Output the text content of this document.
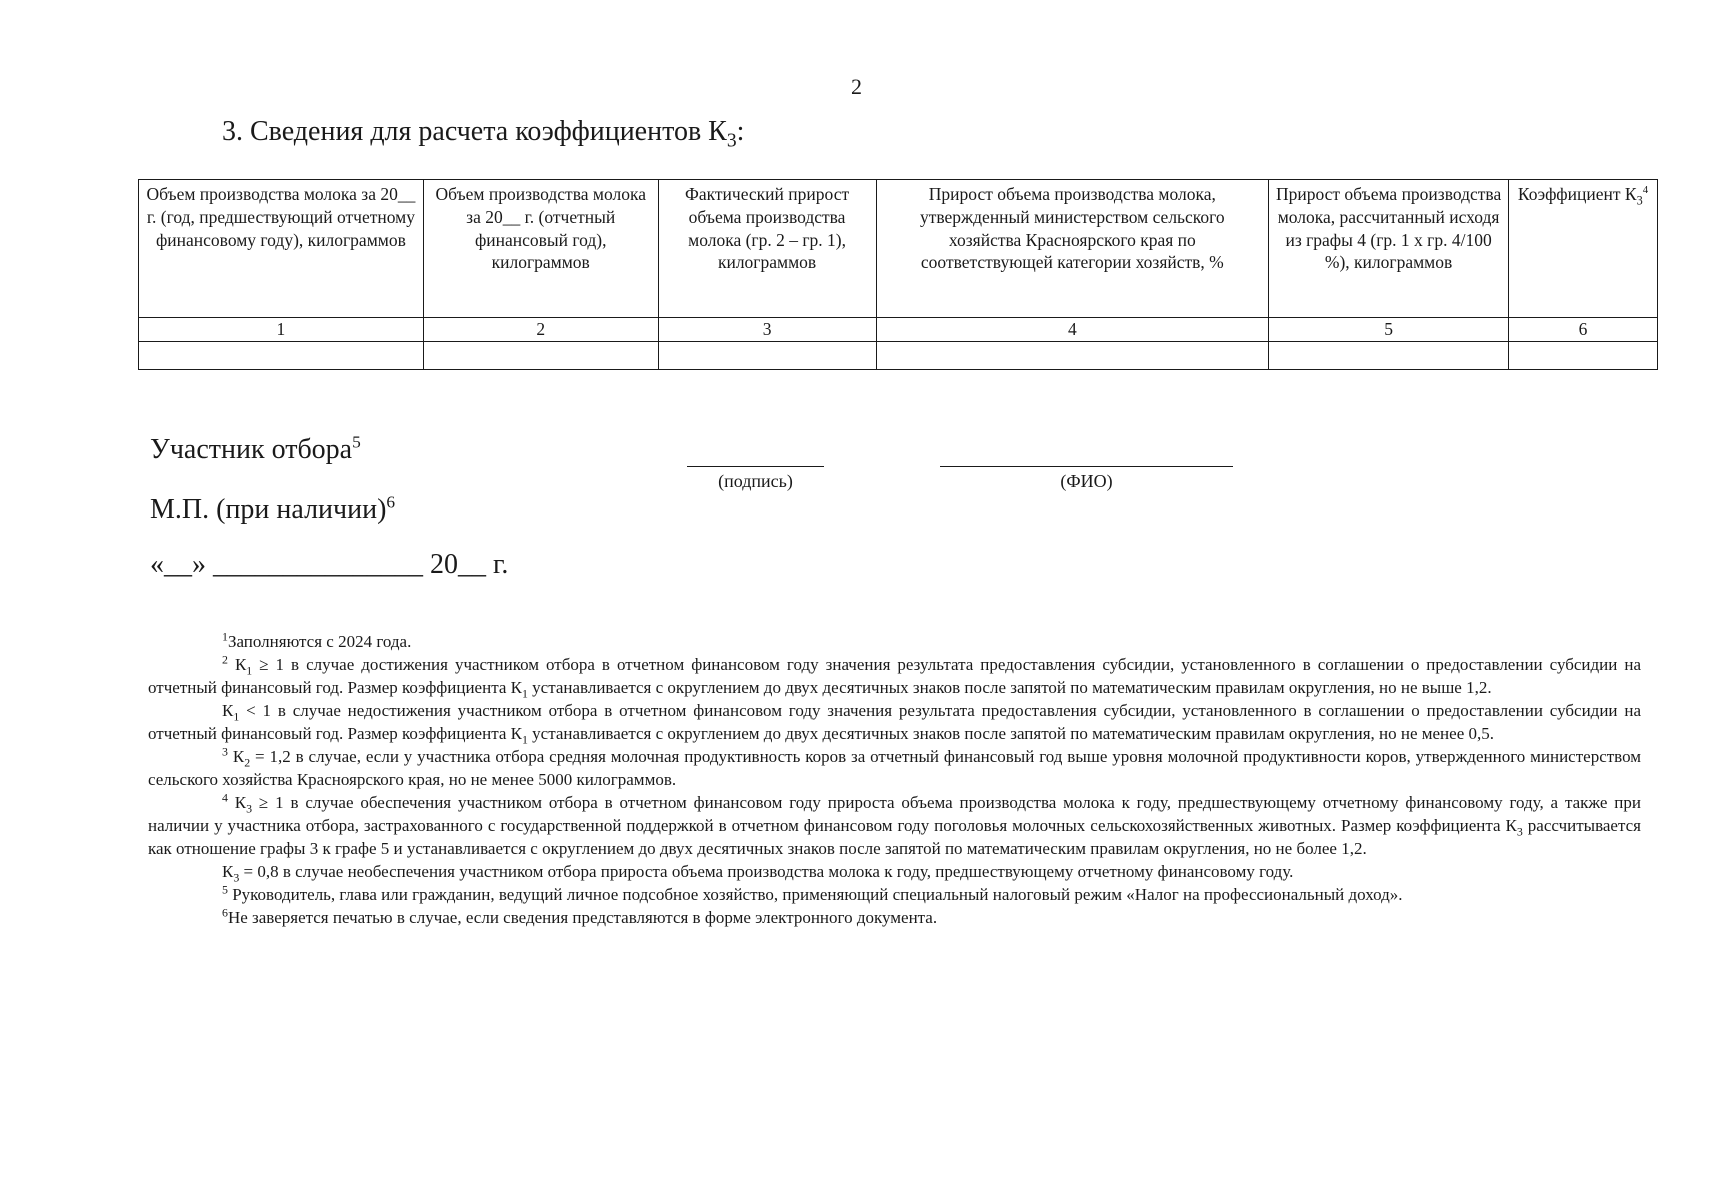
2
3. Сведения для расчета коэффициентов $К_3$:
Объем производства молока за 20__ г. (год, предшествующий отчетному финансовому году), килограммов	Объем производства молока за 20__ г. (отчетный финансовый год), килограммов	Фактический прирост объема производства молока (гр. 2 – гр. 1), килограммов	Прирост объема производства молока, утвержденный министерством сельского хозяйства Красноярского края по соответствующей категории хозяйств, %	Прирост объема производства молока, рассчитанный исходя из графы 4 (гр. 1 х гр. 4/100 %), килограммов	Коэффициент $К_3^4$
1	2	3	4	5	6

Участник отбора$^5$
(подпись)	(ФИО)
М.П. (при наличии)$^6$
«__» _______________ 20__ г.

$^1$Заполняются с 2024 года.

$^2$ $К_1 \ge 1$ в случае достижения участником отбора в отчетном финансовом году значения результата предоставления субсидии, установленного в соглашении о предоставлении субсидии на отчетный финансовый год. Размер коэффициента $К_1$ устанавливается с округлением до двух десятичных знаков после запятой по математическим правилам округления, но не выше 1,2.

$К_1 < 1$ в случае недостижения участником отбора в отчетном финансовом году значения результата предоставления субсидии, установленного в соглашении о предоставлении субсидии на отчетный финансовый год. Размер коэффициента $К_1$ устанавливается с округлением до двух десятичных знаков после запятой по математическим правилам округления, но не менее 0,5.

$^3$ $К_2 = 1,2$ в случае, если у участника отбора средняя молочная продуктивность коров за отчетный финансовый год выше уровня молочной продуктивности коров, утвержденного министерством сельского хозяйства Красноярского края, но не менее 5000 килограммов.

$^4$ $К_3 \ge 1$ в случае обеспечения участником отбора в отчетном финансовом году прироста объема производства молока к году, предшествующему отчетному финансовому году, а также при наличии у участника отбора, застрахованного с государственной поддержкой в отчетном финансовом году поголовья молочных сельскохозяйственных животных. Размер коэффициента $К_3$ рассчитывается как отношение графы 3 к графе 5 и устанавливается с округлением до двух десятичных знаков после запятой по математическим правилам округления, но не более 1,2.

$К_3 = 0,8$ в случае необеспечения участником отбора прироста объема производства молока к году, предшествующему отчетному финансовому году.

$^5$ Руководитель, глава или гражданин, ведущий личное подсобное хозяйство, применяющий специальный налоговый режим «Налог на профессиональный доход».

$^6$Не заверяется печатью в случае, если сведения представляются в форме электронного документа.
